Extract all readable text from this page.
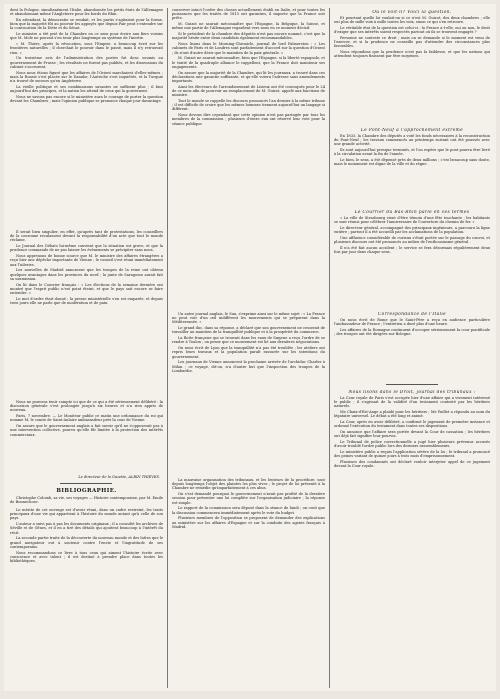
dent la Pologne, simultanément l'Italie, abandonnée les petits états de l'Allemagne et abandonnant même l'Angleterre pour les bords du Rhin.

En attendant, la démocratie se rendait, et les partis s'agitaient pour la forme, bien que la majorité fût au pouvoir les appuyés que depuis Pair peut s'entendre sur la convocation de la Diète et du Sénat.

Le ministre a été prié de la Chambre en ce sens pour écrire aux fiers voisins que M. Mole ne pouvait s'en tenir plus longtemps au système de l'inertie.

« M. Thiers, après la révocation, sous l'Empire, a beaucoup écrit sur les frontières naturelles ; il cherchait le pouvoir dans le passé, mais il n'y retrouvait rien. »

Un troisième avis de l'administration des postes fut donc soumis au gouvernement de Prusse ; les résultats ne furent pas publiés, et les dissensions du cabinet s'accrurent.

Nous nous étions figuré que les affaires de l'Orient marchaient d'elles-mêmes ; mais la Russie s'est placée sur le Danube, l'Autriche s'est inquiétée, et la Turquie n'a trouvé de secours qu'en Angleterre.

La vieille politique et ses combinaisons savantes ne suffisent plus ; il faut aujourd'hui des principes, et la nation les attend de ceux qui la gouvernent.

Nous ne savons pas encore si le ministère aura le courage de porter la question devant les Chambres ; mais l'opinion publique se prononce chaque jour davantage.

Il serait bien singulier, en effet, qu'après tant de protestations, les conseillers de la couronne reculassent devant la responsabilité d'un acte que tout le monde réclame.

Le Journal des Débats lui-même convient que la situation est grave, et que la prudence commande de ne pas laisser les événements se précipiter sans nous.

Nous apprenons de bonne source que M. le ministre des affaires étrangères a reçu hier une dépêche importante de Vienne ; le conseil s'est réuni immédiatement aux Tuileries.

Les nouvelles de Madrid annoncent que les troupes de la reine ont obtenu quelques avantages dans les provinces du nord ; la junte de Saragosse aurait fait sa soumission.

On lit dans le Courrier français : « Les élections de la semaine dernière ont montré que l'esprit public n'est point éteint, et que le pays sait encore se faire entendre. »

Le mot d'ordre était donné ; la presse ministérielle s'en est emparée, et depuis trois jours elle ne parle que de modération et de paix.

Nous ne pouvons tenir compte ici que de ce qui a été sérieusement délibéré : la discussion générale s'est prolongée jusqu'à six heures et n'a rien appris de nouveau.

Paris, 7 novembre. — Le Moniteur publie ce matin une ordonnance du roi qui nomme M. le comte de Saint-Aulaire ambassadeur près la cour de Vienne.

On assure que le gouvernement anglais a fait savoir qu'il ne s'opposerait pas à une intervention collective, pourvu qu'elle fût limitée à la protection des intérêts commerciaux.

Le directeur de la Gazette, ALBIN THIÈVES.
BIBLIOGRAPHIE.
Christophe Colomb, sa vie, ses voyages — Histoire contemporaine, par M. Émile de Bonnechose.

Le mérite de cet ouvrage est d'avoir réuni, dans un cadre restreint, les traits principaux d'une vie qui appartient à l'histoire du monde autant qu'à celle de son pays.

L'auteur a suivi pas à pas les documents originaux ; il a consulté les archives de Séville et de Gênes, et il en a tiré des détails qui ajoutent beaucoup à l'intérêt du récit.

La seconde partie traite de la découverte du nouveau monde et des luttes que le grand navigateur eut à soutenir contre l'envie et l'ingratitude de ses contemporains.

Nous recommandons ce livre à tous ceux qui aiment l'histoire écrite avec conscience et avec talent ; il est destiné à prendre place dans toutes les bibliothèques.

conserver intact l'ordre des choses actuellement établi en Italie, et pour toutes les puissances que les traités de 1815 ont garanties, il importe que la France soit prête.

M. Guizot ne saurait méconnaître que l'Espagne, la Belgique, la Suisse, et même une partie de l'Allemagne regardent vers nous en ce moment décisif.

Si le président de la chambre des députés n'est pas encore nommé, c'est que la majorité hésite entre deux candidats également recommandables.

Nous lisons dans le Morning-Chronicle, journal de lord Palmerston : « Les cabinets de Paris et de Londres sont parfaitement d'accord sur la question d'Orient ; ils n'ont d'autre désir que le maintien de la paix générale. »

M. Guizot ne saurait méconnaître, bien que l'Espagne, si la liberté espagnole, et le traité de la quadruple alliance le rappellent, que la France doit maintenir ses engagements.

On assure que la majorité de la Chambre, qui lit les journaux, a trouvé dans ces déclarations une garantie suffisante, et qu'elle votera l'adresse sans amendements importants.

Ainsi les électeurs de l'arrondissement de Lisieux ont été convoqués pour le 24 de ce mois afin de pourvoir au remplacement de M. Guizot, appelé aux fonctions de ministre.

Tout le monde se rappelle les discours prononcés l'an dernier à la même tribune ; il est difficile de croire que les mêmes hommes tiennent aujourd'hui un langage si différent.

Nous devons dire cependant que cette opinion n'est pas partagée par tous les membres de la commission ; plusieurs d'entre eux ont réservé leur vote pour la séance publique.

Un autre journal anglais, le Sun, s'exprime ainsi sur le même sujet : « La France ne peut voir d'un œil indifférent les mouvements qui se préparent dans la Méditerranée. »

Le grand duc, dans sa réponse, a déclaré que son gouvernement ne cesserait de travailler au maintien de la tranquillité publique et à la prospérité du commerce.

La flotte française qui se trouvait dans les eaux de Smyrne a reçu l'ordre de se rendre à Toulon ; on pense que ce mouvement est lié aux dernières négociations.

On nous écrit de Lyon que la tranquillité n'a pas été troublée ; les ateliers ont repris leurs travaux et la population paraît rassurée sur les intentions du gouvernement.

Les journaux de Vienne annoncent la prochaine arrivée de l'archiduc Charles à Milan ; ce voyage, dit-on, n'a d'autre but que l'inspection des troupes de la Lombardie.

La mauvaise organisation des tribunaux, et les lenteurs de la procédure, sont depuis longtemps l'objet des plaintes les plus vives ; le projet de loi présenté à la Chambre ne remédie qu'imparfaitement à ces abus.

On s'est demandé pourquoi le gouvernement n'avait pas profité de la dernière session pour présenter une loi complète sur l'organisation judiciaire ; la réponse est simple.

Le rapport de la commission sera déposé dans la séance de lundi ; on croit que la discussion commencera immédiatement après le vote du budget.

Plusieurs membres de l'opposition se proposent de demander des explications au ministère sur les affaires d'Espagne et sur la conduite des agents français à Madrid.

Où le voit-il? Voici la question.

Et pourtant quelle loi voulait-on si ce n'est M. Guizot, des deux chambres ; elle eut plus de mille voix à mille toutes les voix, sinon ce qui s'en retrouve.

Le véritable état de la question est celui-ci : la France a-t-elle, oui ou non, le droit d'exiger que ses intérêts soient respectés partout où ils se trouvent engagés ?

Personne ne conteste ce droit ; mais on se demande si le moment est venu de l'exercer, et si la prudence ne conseille pas d'attendre des circonstances plus favorables.

Nous répondons que la prudence n'est pas la faiblesse, et que les nations qui attendent toujours finissent par être surprises.

Le Pont-Neuf à l'approchement extrême

En 1833, la Chambre des députés a voté les fonds nécessaires à la reconstruction du Pont-Neuf ; les travaux commencés au printemps suivant ont été poussés avec une grande activité.

Ils sont aujourd'hui presque terminés, et l'on espère que le pont pourra être livré à la circulation avant la fin de l'année.

Le bien, le sens, a été dépensé près de deux millions ; c'est beaucoup sans doute, mais le monument est digne de la ville et du règne.

Le Courrier du Bas-Rhin parle en ces termes

« La ville de Strasbourg vient d'être témoin d'une fête touchante ; les habitants se sont réunis pour célébrer l'anniversaire de l'ouverture du chemin de fer. »

Le directeur général, accompagné des principaux ingénieurs, a parcouru la ligne entière ; partout il a été accueilli par les acclamations de la population.

Une affluence considérable de curieux s'était portée sur le passage du convoi, et plusieurs discours ont été prononcés au milieu de l'enthousiasme général.

Il n'a été fait aucun accident ; le service se fera désormais régulièrement deux fois par jour dans chaque sens.

Correspondance de l'Italie

On nous écrit de Rome que le Saint-Père a reçu en audience particulière l'ambassadeur de France ; l'entretien a duré plus d'une heure.

Les affaires de la Romagne continuent d'occuper sérieusement la cour pontificale ; des troupes ont été dirigées sur Bologne.

Nous lisons dans le Droit, journal des tribunaux :

La Cour royale de Paris s'est occupée hier d'une affaire qui a vivement intéressé le public ; il s'agissait de la validité d'un testament contesté par les héritiers naturels.

Me Chaix-d'Est-Ange a plaidé pour les héritiers ; Me Paillet a répondu au nom du légataire universel. Le débat a été long et animé.

La Cour, après en avoir délibéré, a confirmé le jugement de première instance et ordonné l'exécution du testament dans toutes ses dispositions.

On annonce que l'affaire sera portée devant la Cour de cassation ; les héritiers ont déjà fait signifier leur pourvoi.

Le Tribunal de police correctionnelle a jugé hier plusieurs prévenus accusés d'avoir troublé l'ordre public lors des derniers rassemblements.

Le ministère public a requis l'application sévère de la loi ; le tribunal a prononcé des peines variant de quinze jours à trois mois d'emprisonnement.

Plusieurs des condamnés ont déclaré vouloir interjeter appel de ce jugement devant la Cour royale.
